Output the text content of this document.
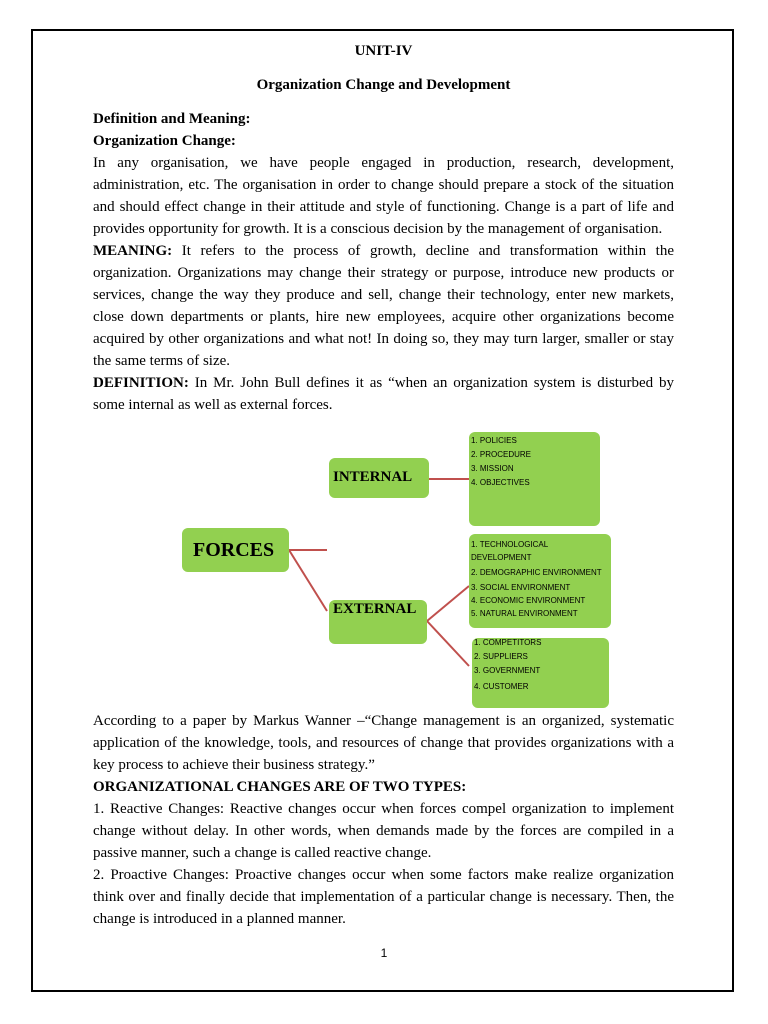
UNIT-IV
Organization Change and Development
Definition and Meaning:
Organization Change:

In any organisation, we have people engaged in production, research, development, administration, etc. The organisation in order to change should prepare a stock of the situation and should effect change in their attitude and style of functioning. Change is a part of life and provides opportunity for growth. It is a conscious decision by the management of organisation.

MEANING: It refers to the process of growth, decline and transformation within the organization. Organizations may change their strategy or purpose, introduce new products or services, change the way they produce and sell, change their technology, enter new markets, close down departments or plants, hire new employees, acquire other organizations become acquired by other organizations and what not! In doing so, they may turn larger, smaller or stay the same terms of size.

DEFINITION: In Mr. John Bull defines it as “when an organization system is disturbed by some internal as well as external forces.

FORCES
INTERNAL
EXTERNAL
1. POLICIES
2. PROCEDURE
3. MISSION
4. OBJECTIVES
1. TECHNOLOGICAL
DEVELOPMENT
2. DEMOGRAPHIC ENVIRONMENT
3. SOCIAL ENVIRONMENT
4. ECONOMIC ENVIRONMENT
5. NATURAL ENVIRONMENT
1. COMPETITORS
2. SUPPLIERS
3. GOVERNMENT
4. CUSTOMER

According to a paper by Markus Wanner –“Change management is an organized, systematic application of the knowledge, tools, and resources of change that provides organizations with a key process to achieve their business strategy.”

ORGANIZATIONAL CHANGES ARE OF TWO TYPES:

1. Reactive Changes: Reactive changes occur when forces compel organization to implement change without delay. In other words, when demands made by the forces are compiled in a passive manner, such a change is called reactive change.

2. Proactive Changes: Proactive changes occur when some factors make realize organization think over and finally decide that implementation of a particular change is necessary. Then, the change is introduced in a planned manner.

1
